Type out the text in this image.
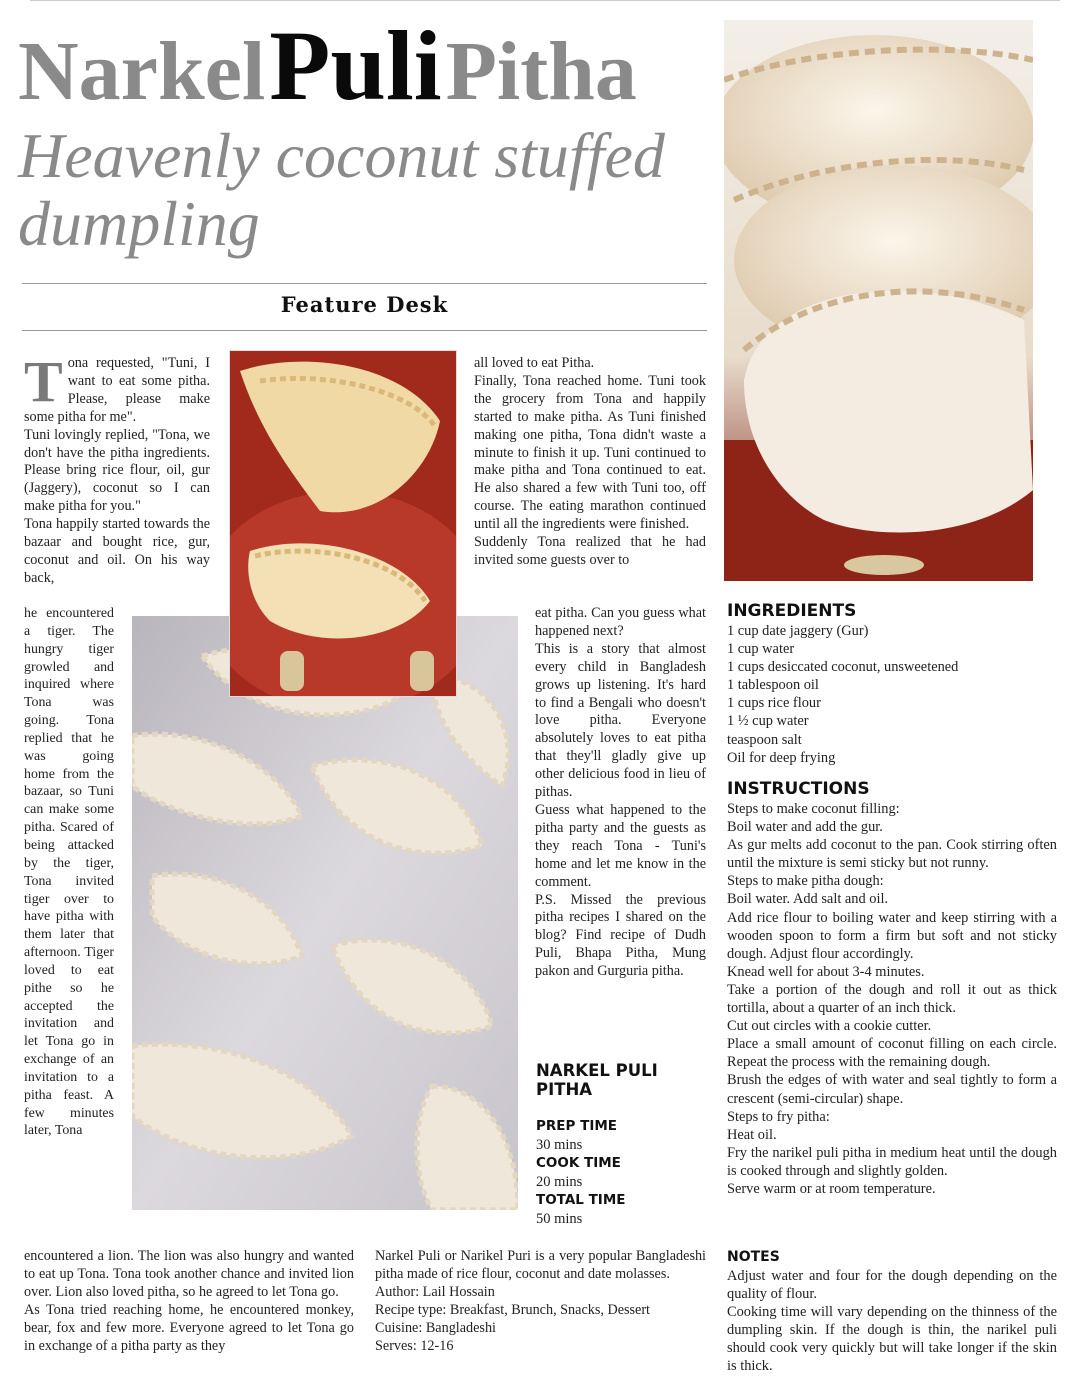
Narkel Puli Pitha
Heavenly coconut stuffed dumpling
Feature Desk
T ona requested, "Tuni, I want to eat some pitha. Please, please make some pitha for me".

Tuni lovingly replied, "Tona, we don't have the pitha ingredients. Please bring rice flour, oil, gur (Jaggery), coconut so I can make pitha for you."

Tona happily started towards the bazaar and bought rice, gur, coconut and oil. On his way back,

he encountered a tiger. The hungry tiger growled and inquired where Tona was going. Tona replied that he was going home from the bazaar, so Tuni can make some pitha. Scared of being attacked by the tiger, Tona invited tiger over to have pitha with them later that afternoon. Tiger loved to eat pithe so he accepted the invitation and let Tona go in exchange of an invitation to a pitha feast. A few minutes later, Tona

encountered a lion. The lion was also hungry and wanted to eat up Tona. Tona took another chance and invited lion over. Lion also loved pitha, so he agreed to let Tona go.

As Tona tried reaching home, he encountered monkey, bear, fox and few more. Everyone agreed to let Tona go in exchange of a pitha party as they

all loved to eat Pitha.

Finally, Tona reached home. Tuni took the grocery from Tona and happily started to make pitha. As Tuni finished making one pitha, Tona didn't waste a minute to finish it up. Tuni continued to make pitha and Tona continued to eat. He also shared a few with Tuni too, off course. The eating marathon continued until all the ingredients were finished.

Suddenly Tona realized that he had invited some guests over to

eat pitha. Can you guess what happened next?

This is a story that almost every child in Bangladesh grows up listening. It's hard to find a Bengali who doesn't love pitha. Everyone absolutely loves to eat pitha that they'll gladly give up other delicious food in lieu of pithas.

Guess what happened to the pitha party and the guests as they reach Tona - Tuni's home and let me know in the comment.

P.S. Missed the previous pitha recipes I shared on the blog? Find recipe of Dudh Puli, Bhapa Pitha, Mung pakon and Gurguria pitha.

NARKEL PULI PITHA
PREP TIME
30 mins
COOK TIME
20 mins
TOTAL TIME
50 mins

Narkel Puli or Narikel Puri is a very popular Bangladeshi pitha made of rice flour, coconut and date molasses.

Author: Lail Hossain

Recipe type: Breakfast, Brunch, Snacks, Dessert

Cuisine: Bangladeshi

Serves: 12-16

INGREDIENTS
1 cup date jaggery (Gur)
1 cup water
1 cups desiccated coconut, unsweetened
1 tablespoon oil
1 cups rice flour
1 ½ cup water
teaspoon salt
Oil for deep frying
INSTRUCTIONS
Steps to make coconut filling:
Boil water and add the gur.
As gur melts add coconut to the pan. Cook stirring often until the mixture is semi sticky but not runny.
Steps to make pitha dough:
Boil water. Add salt and oil.
Add rice flour to boiling water and keep stirring with a wooden spoon to form a firm but soft and not sticky dough. Adjust flour accordingly.
Knead well for about 3-4 minutes.
Take a portion of the dough and roll it out as thick tortilla, about a quarter of an inch thick.
Cut out circles with a cookie cutter.
Place a small amount of coconut filling on each circle. Repeat the process with the remaining dough.
Brush the edges of with water and seal tightly to form a crescent (semi-circular) shape.
Steps to fry pitha:
Heat oil.
Fry the narikel puli pitha in medium heat until the dough is cooked through and slightly golden.
Serve warm or at room temperature.
NOTES
Adjust water and four for the dough depending on the quality of flour.
Cooking time will vary depending on the thinness of the dumpling skin. If the dough is thin, the narikel puli should cook very quickly but will take longer if the skin is thick.
